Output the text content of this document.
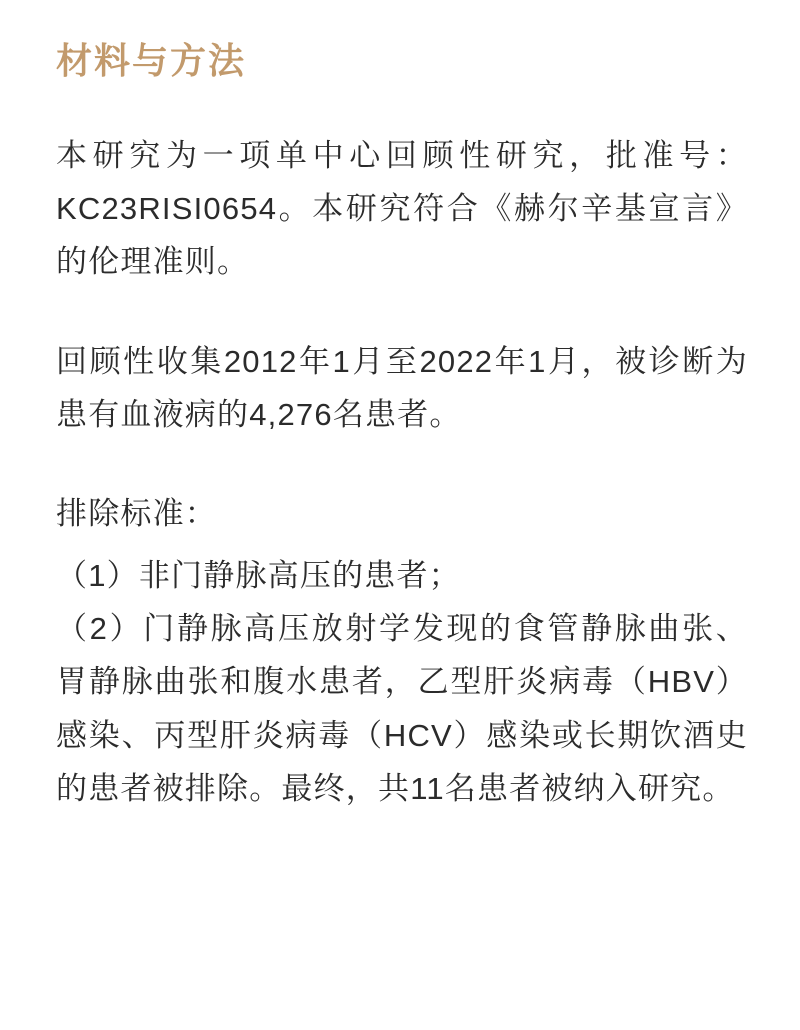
材料与方法

本研究为一项单中心回顾性研究，批准号：KC23RISI0654。本研究符合《赫尔辛基宣言》的伦理准则。

回顾性收集2012年1月至2022年1月，被诊断为患有血液病的4,276名患者。

排除标准：

（1）非门静脉高压的患者；

（2）门静脉高压放射学发现的食管静脉曲张、胃静脉曲张和腹水患者，乙型肝炎病毒（HBV）感染、丙型肝炎病毒（HCV）感染或长期饮酒史的患者被排除。最终，共11名患者被纳入研究。
